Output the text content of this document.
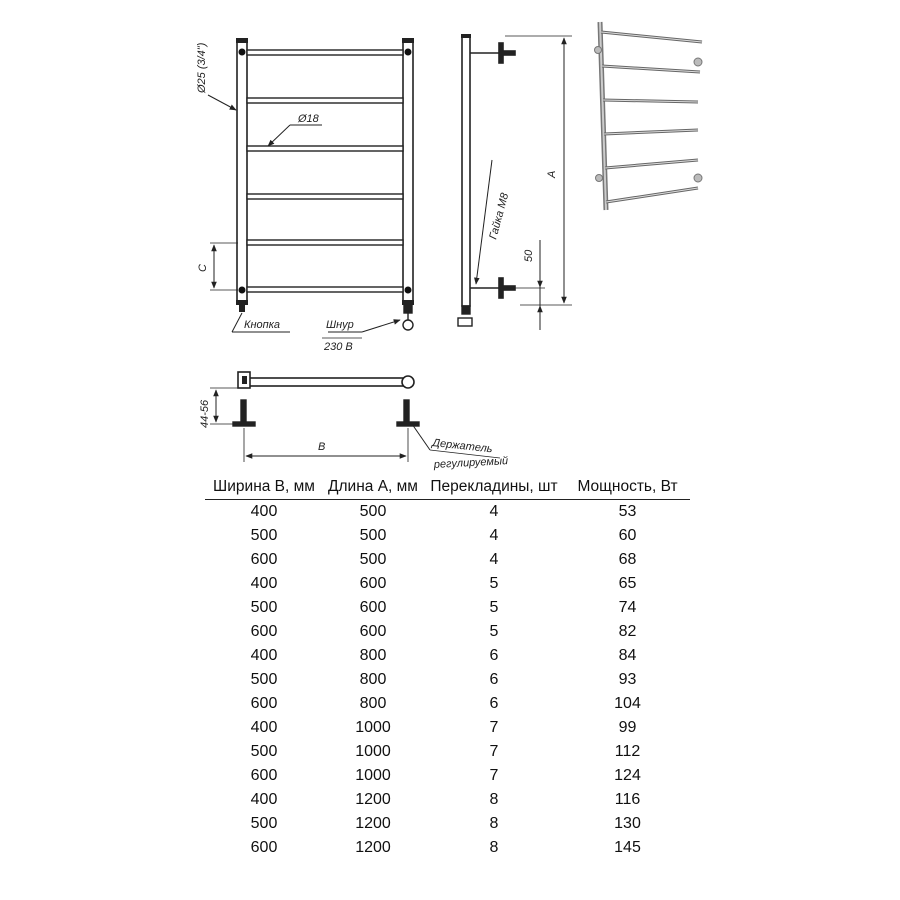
Ø25 (3/4")
Ø18
C
Кнопка	Шнур
230 В
Гайка М8
A
50
44-56
B	Держатель
регулируемый
Ширина B, мм	Длина A, мм	Перекладины, шт	Мощность, Вт
400	500	4	53
500	500	4	60
600	500	4	68
400	600	5	65
500	600	5	74
600	600	5	82
400	800	6	84
500	800	6	93
600	800	6	104
400	1000	7	99
500	1000	7	112
600	1000	7	124
400	1200	8	116
500	1200	8	130
600	1200	8	145
